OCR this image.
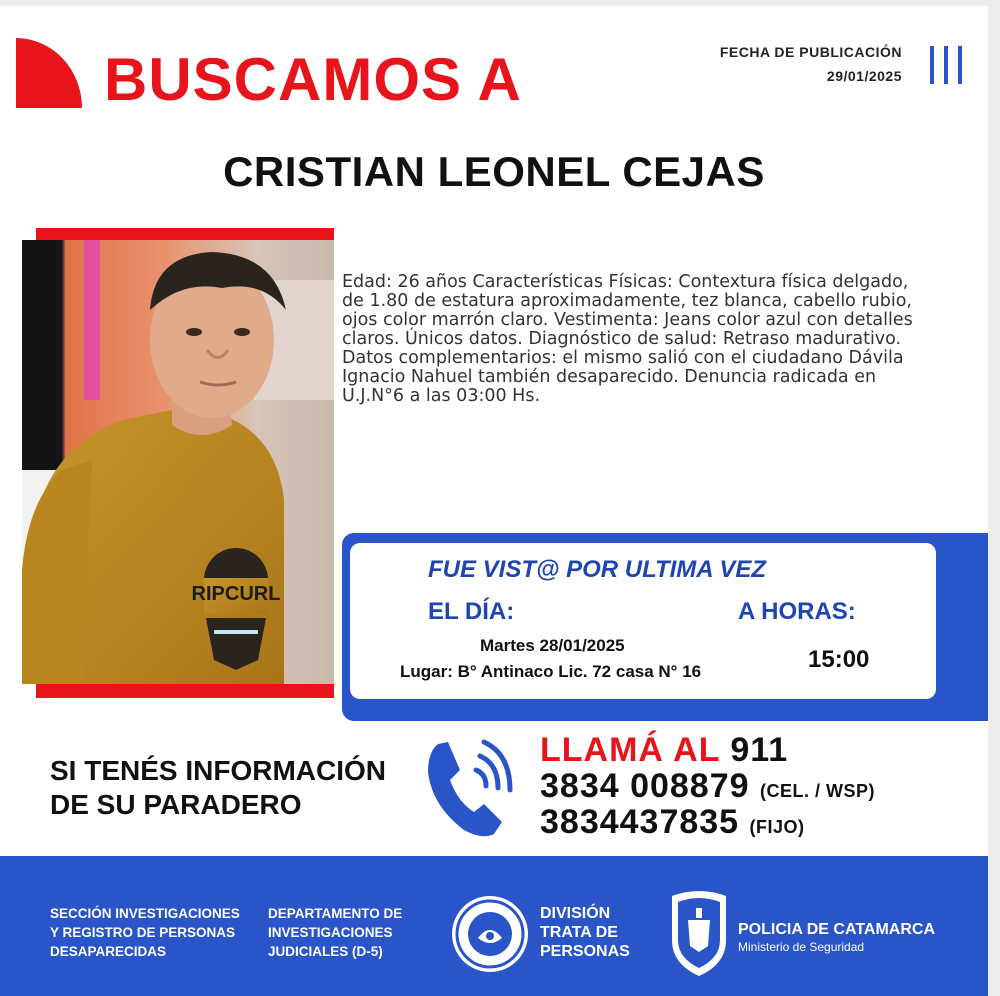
BUSCAMOS A	FECHA DE PUBLICACIÓN
29/01/2025
CRISTIAN LEONEL CEJAS
RIPCURL
Edad: 26 años Características Físicas: Contextura física delgado, de 1.80 de estatura aproximadamente, tez blanca, cabello rubio, ojos color marrón claro. Vestimenta: Jeans color azul con detalles claros. Únicos datos. Diagnóstico de salud: Retraso madurativo. Datos complementarios: el mismo salió con el ciudadano Dávila Ignacio Nahuel también desaparecido. Denuncia radicada en U.J.N°6 a las 03:00 Hs.
FUE VIST@ POR ULTIMA VEZ
EL DÍA:	A HORAS:
Martes 28/01/2025
Lugar: B° Antinaco Lic. 72 casa N° 16	15:00
SI TENÉS INFORMACIÓN
DE SU PARADERO
LLAMÁ AL 911
3834 008879 (CEL. / WSP)
3834437835 (FIJO)
SECCIÓN INVESTIGACIONES
Y REGISTRO DE PERSONAS
DESAPARECIDAS
DEPARTAMENTO DE
INVESTIGACIONES
JUDICIALES (D-5)
DIVISIÓN
TRATA DE
PERSONAS
POLICIA DE CATAMARCA
Ministerio de Seguridad
